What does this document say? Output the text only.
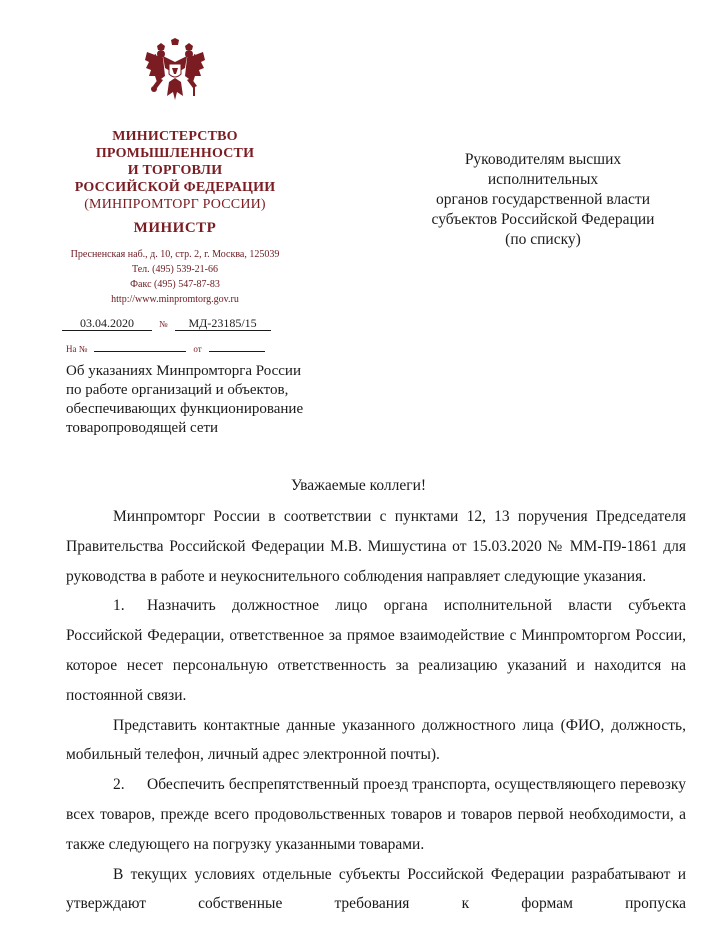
МИНИСТЕРСТВО
ПРОМЫШЛЕННОСТИ
И ТОРГОВЛИ
РОССИЙСКОЙ ФЕДЕРАЦИИ
(МИНПРОМТОРГ РОССИИ)
МИНИСТР
Пресненская наб., д. 10, стр. 2, г. Москва, 125039
Тел. (495) 539-21-66
Факс (495) 547-87-83
http://www.minpromtorg.gov.ru
03.04.2020	№ МД-23185/15
На №	от
Руководителям высших
исполнительных
органов государственной власти
субъектов Российской Федерации
(по списку)
Об указаниях Минпромторга России
по работе организаций и объектов,
обеспечивающих функционирование
товаропроводящей сети
Уважаемые коллеги!

Минпромторг России в соответствии с пунктами 12, 13 поручения Председателя Правительства Российской Федерации М.В. Мишустина от 15.03.2020 № ММ-П9-1861 для руководства в работе и неукоснительного соблюдения направляет следующие указания.

1. Назначить должностное лицо органа исполнительной власти субъекта Российской Федерации, ответственное за прямое взаимодействие с Минпромторгом России, которое несет персональную ответственность за реализацию указаний и находится на постоянной связи.

Представить контактные данные указанного должностного лица (ФИО, должность, мобильный телефон, личный адрес электронной почты).

2. Обеспечить беспрепятственный проезд транспорта, осуществляющего перевозку всех товаров, прежде всего продовольственных товаров и товаров первой необходимости, а также следующего на погрузку указанными товарами.

В текущих условиях отдельные субъекты Российской Федерации разрабатывают и утверждают собственные требования к формам пропуска
